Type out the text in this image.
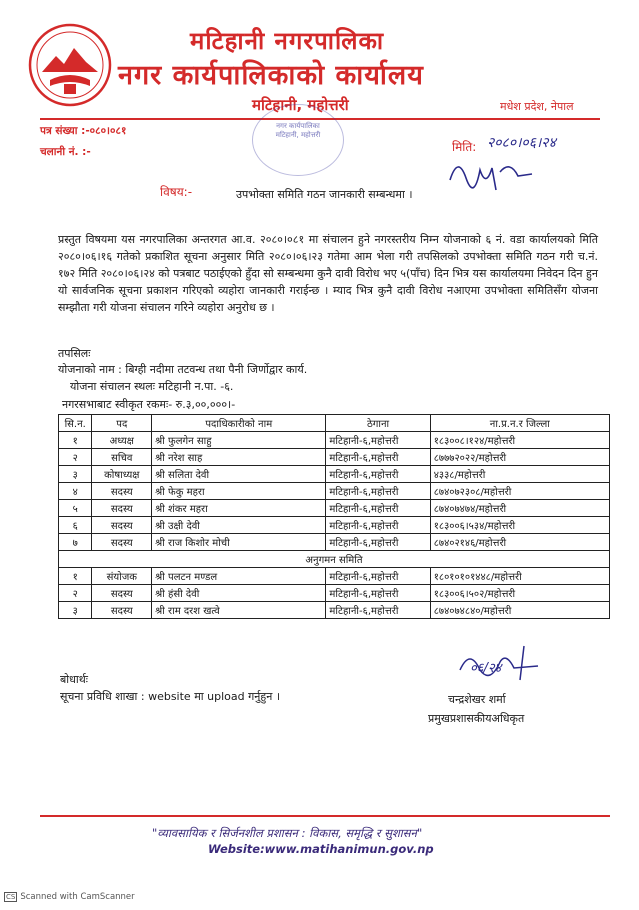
मटिहानी नगरपालिका
नगर कार्यपालिकाको कार्यालय
मटिहानी, महोत्तरी	मधेश प्रदेश, नेपाल
नगर कार्यपालिका मटिहानी, महोत्तरी
पत्र संख्या :-०८०।०८१
चलानी नं. :-	मिति: २०८०।०६।२४
विषय:-	उपभोक्ता समिति गठन जानकारी सम्बन्धमा ।
प्रस्तुत विषयमा यस नगरपालिका अन्तरगत आ.व. २०८०।०८१ मा संचालन हुने नगरस्तरीय निम्न योजनाको ६ नं. वडा कार्यालयको मिति २०८०।०६।१६ गतेको प्रकाशित सूचना अनुसार मिति २०८०।०६।२३ गतेमा आम भेला गरी तपसिलको उपभोक्ता समिति गठन गरी च.नं. १७२ मिति २०८०।०६।२४ को पत्रबाट पठाईएको हुँदा सो सम्बन्धमा कुनै दावी विरोध भए ५(पाँच) दिन भित्र यस कार्यालयमा निवेदन दिन हुन यो सार्वजनिक सूचना प्रकाशन गरिएको व्यहोरा जानकारी गराईन्छ । म्याद भित्र कुनै दावी विरोध नआएमा उपभोक्ता समितिसँग योजना सम्झौता गरी योजना संचालन गरिने व्यहोरा अनुरोध छ ।
तपसिलः
योजनाको नाम : बिग्ही नदीमा तटवन्ध तथा पैनी जिर्णोद्वार कार्य.
योजना संचालन स्थलः मटिहानी न.पा. -६.
नगरसभाबाट स्वीकृत रकमः- रु.३,००,०००।-
सि.न.	पद	पदाधिकारीको नाम	ठेगाना	ना.प्र.न.र जिल्ला
१	अध्यक्ष	श्री फुलगेन साहु	मटिहानी-६,महोत्तरी	१८३००८।१२४/महोत्तरी
२	सचिव	श्री नरेश साह	मटिहानी-६,महोत्तरी	८७७७२०२२/महोत्तरी
३	कोषाध्यक्ष	श्री सलिता देवी	मटिहानी-६,महोत्तरी	४३३८/महोत्तरी
४	सदस्य	श्री फेकु महरा	मटिहानी-६,महोत्तरी	८७४०७२३०८/महोत्तरी
५	सदस्य	श्री शंकर महरा	मटिहानी-६,महोत्तरी	८७४०७४७४/महोत्तरी
६	सदस्य	श्री उक्षी देवी	मटिहानी-६,महोत्तरी	१८३००६।५३४/महोत्तरी
७	सदस्य	श्री राज किशोर मोची	मटिहानी-६,महोत्तरी	८७४०२१४६/महोत्तरी
अनुगमन समिति				
१	संयोजक	श्री पलटन मण्डल	मटिहानी-६,महोत्तरी	१८०१०१०१४४८/महोत्तरी
२	सदस्य	श्री हंसी देवी	मटिहानी-६,महोत्तरी	१८३००६।५०२/महोत्तरी
३	सदस्य	श्री राम दरश खत्वे	मटिहानी-६,महोत्तरी	८७४०७४८४०/महोत्तरी
०६/२४
चन्द्रशेखर शर्मा
प्रमुखप्रशासकीयअधिकृत
बोधार्थः
सूचना प्रविधि शाखा : website मा upload गर्नुहुन ।
"व्यावसायिक र सिर्जनशील प्रशासन : विकास, समृद्धि र सुशासन"
Website:www.matihanimun.gov.np
CS Scanned with CamScanner
